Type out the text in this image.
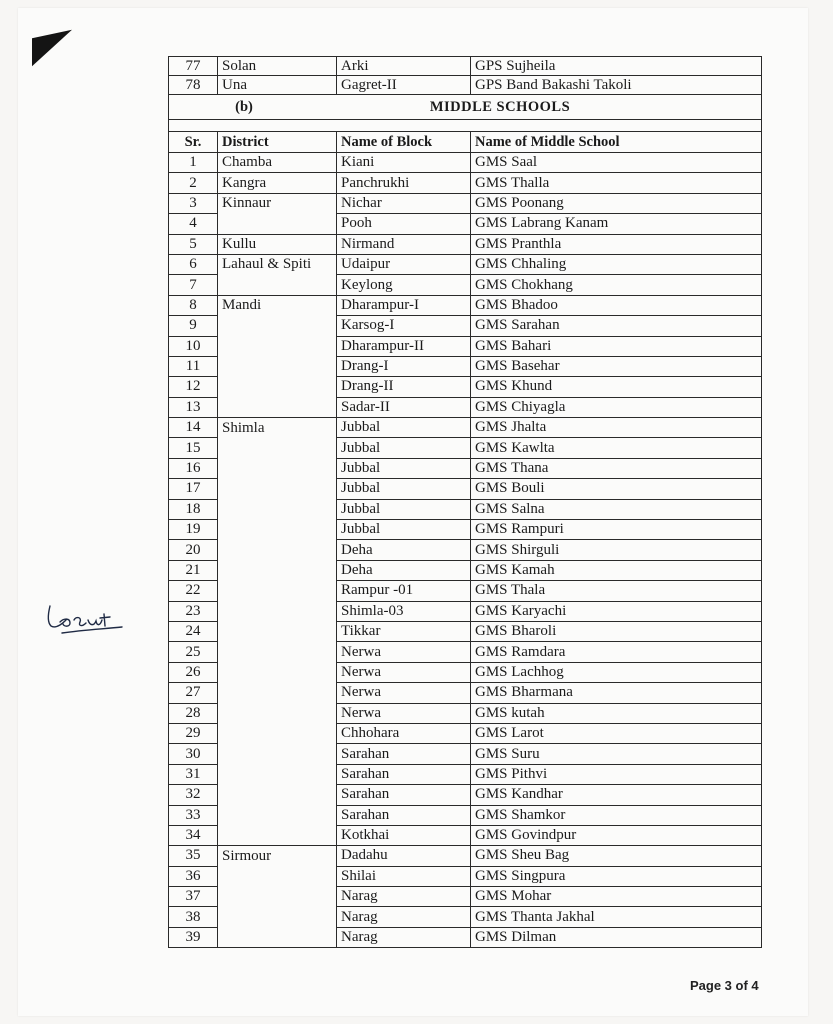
77	Solan	Arki	GPS Sujheila
78	Una	Gagret-II	GPS Band Bakashi Takoli
(b)	MIDDLE SCHOOLS
Sr.	District	Name of Block	Name of Middle School
1	Chamba	Kiani	GMS Saal
2	Kangra	Panchrukhi	GMS Thalla
3	Kinnaur	Nichar	GMS Poonang
4		Pooh	GMS Labrang Kanam
5	Kullu	Nirmand	GMS Pranthla
6	Lahaul & Spiti	Udaipur	GMS Chhaling
7		Keylong	GMS Chokhang
8	Mandi	Dharampur-I	GMS Bhadoo
9		Karsog-I	GMS Sarahan
10		Dharampur-II	GMS Bahari
11		Drang-I	GMS Basehar
12		Drang-II	GMS Khund
13		Sadar-II	GMS Chiyagla
14	Shimla	Jubbal	GMS Jhalta
15		Jubbal	GMS Kawlta
16		Jubbal	GMS Thana
17		Jubbal	GMS Bouli
18		Jubbal	GMS Salna
19		Jubbal	GMS Rampuri
20		Deha	GMS Shirguli
21		Deha	GMS Kamah
22		Rampur -01	GMS Thala
23		Shimla-03	GMS Karyachi
24		Tikkar	GMS Bharoli
25		Nerwa	GMS Ramdara
26		Nerwa	GMS Lachhog
27		Nerwa	GMS Bharmana
28		Nerwa	GMS kutah
29		Chhohara	GMS Larot
30		Sarahan	GMS Suru
31		Sarahan	GMS Pithvi
32		Sarahan	GMS Kandhar
33		Sarahan	GMS Shamkor
34		Kotkhai	GMS Govindpur
35	Sirmour	Dadahu	GMS Sheu Bag
36		Shilai	GMS Singpura
37		Narag	GMS Mohar
38		Narag	GMS Thanta Jakhal
39		Narag	GMS Dilman
Page 3 of 4
